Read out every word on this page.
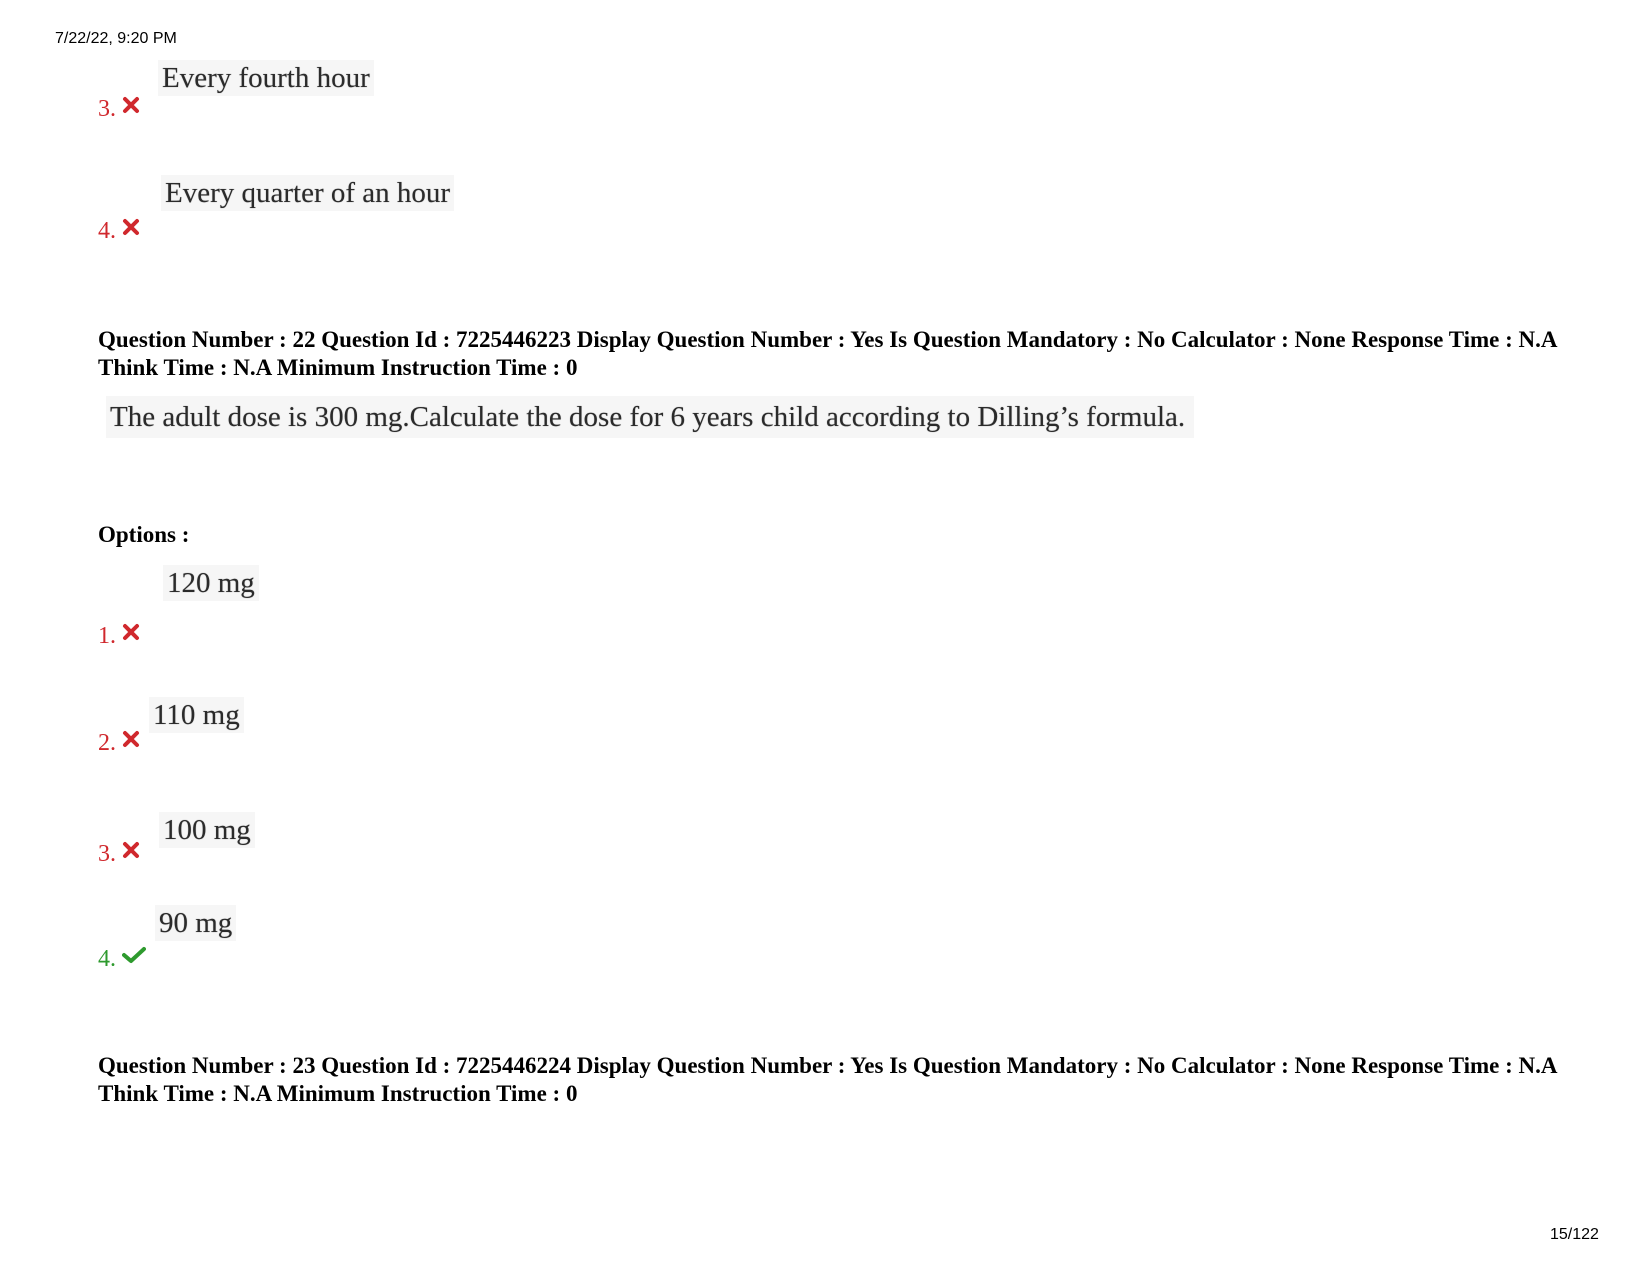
7/22/22, 9:20 PM
Every fourth hour
3.
Every quarter of an hour
4.
Question Number : 22 Question Id : 7225446223 Display Question Number : Yes Is Question Mandatory : No Calculator : None Response Time : N.A Think Time : N.A Minimum Instruction Time : 0
The adult dose is 300 mg.Calculate the dose for 6 years child according to Dilling’s formula.
Options :
120 mg
1.
110 mg
2.
100 mg
3.
90 mg
4.
Question Number : 23 Question Id : 7225446224 Display Question Number : Yes Is Question Mandatory : No Calculator : None Response Time : N.A Think Time : N.A Minimum Instruction Time : 0
15/122
